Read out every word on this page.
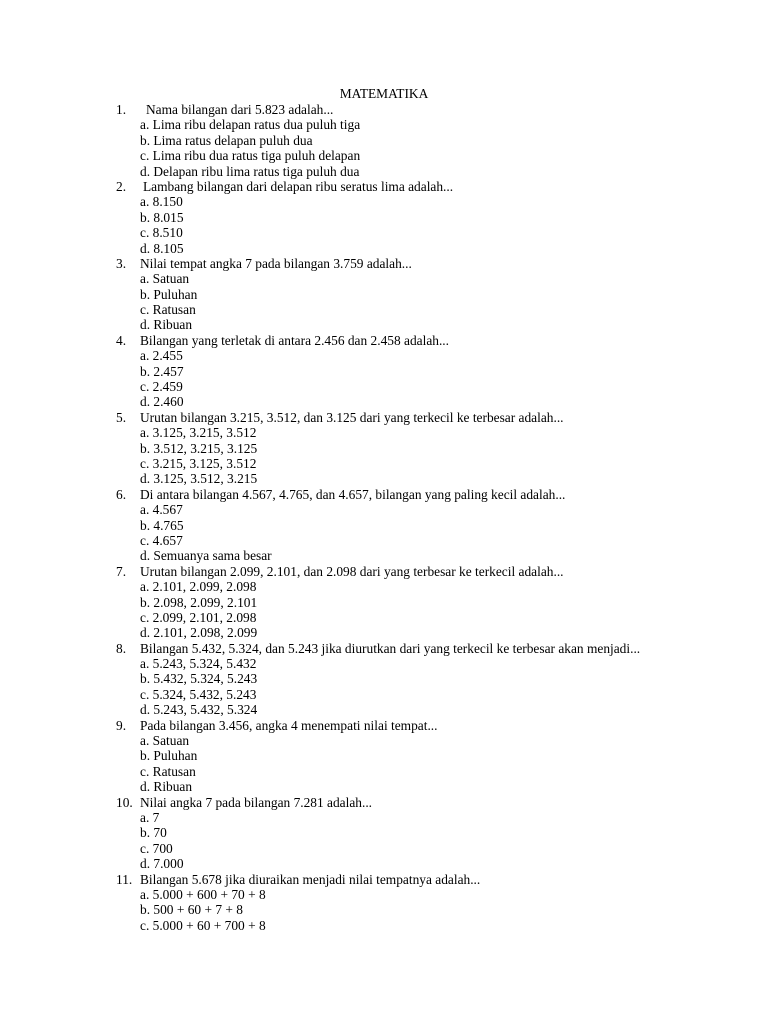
MATEMATIKA
1. Nama bilangan dari 5.823 adalah...
a. Lima ribu delapan ratus dua puluh tiga
b. Lima ratus delapan puluh dua
c. Lima ribu dua ratus tiga puluh delapan
d. Delapan ribu lima ratus tiga puluh dua
2. Lambang bilangan dari delapan ribu seratus lima adalah...
a. 8.150
b. 8.015
c. 8.510
d. 8.105
3. Nilai tempat angka 7 pada bilangan 3.759 adalah...
a. Satuan
b. Puluhan
c. Ratusan
d. Ribuan
4. Bilangan yang terletak di antara 2.456 dan 2.458 adalah...
a. 2.455
b. 2.457
c. 2.459
d. 2.460
5. Urutan bilangan 3.215, 3.512, dan 3.125 dari yang terkecil ke terbesar adalah...
a. 3.125, 3.215, 3.512
b. 3.512, 3.215, 3.125
c. 3.215, 3.125, 3.512
d. 3.125, 3.512, 3.215
6. Di antara bilangan 4.567, 4.765, dan 4.657, bilangan yang paling kecil adalah...
a. 4.567
b. 4.765
c. 4.657
d. Semuanya sama besar
7. Urutan bilangan 2.099, 2.101, dan 2.098 dari yang terbesar ke terkecil adalah...
a. 2.101, 2.099, 2.098
b. 2.098, 2.099, 2.101
c. 2.099, 2.101, 2.098
d. 2.101, 2.098, 2.099
8. Bilangan 5.432, 5.324, dan 5.243 jika diurutkan dari yang terkecil ke terbesar akan menjadi...
a. 5.243, 5.324, 5.432
b. 5.432, 5.324, 5.243
c. 5.324, 5.432, 5.243
d. 5.243, 5.432, 5.324
9. Pada bilangan 3.456, angka 4 menempati nilai tempat...
a. Satuan
b. Puluhan
c. Ratusan
d. Ribuan
10. Nilai angka 7 pada bilangan 7.281 adalah...
a. 7
b. 70
c. 700
d. 7.000
11. Bilangan 5.678 jika diuraikan menjadi nilai tempatnya adalah...
a. 5.000 + 600 + 70 + 8
b. 500 + 60 + 7 + 8
c. 5.000 + 60 + 700 + 8
